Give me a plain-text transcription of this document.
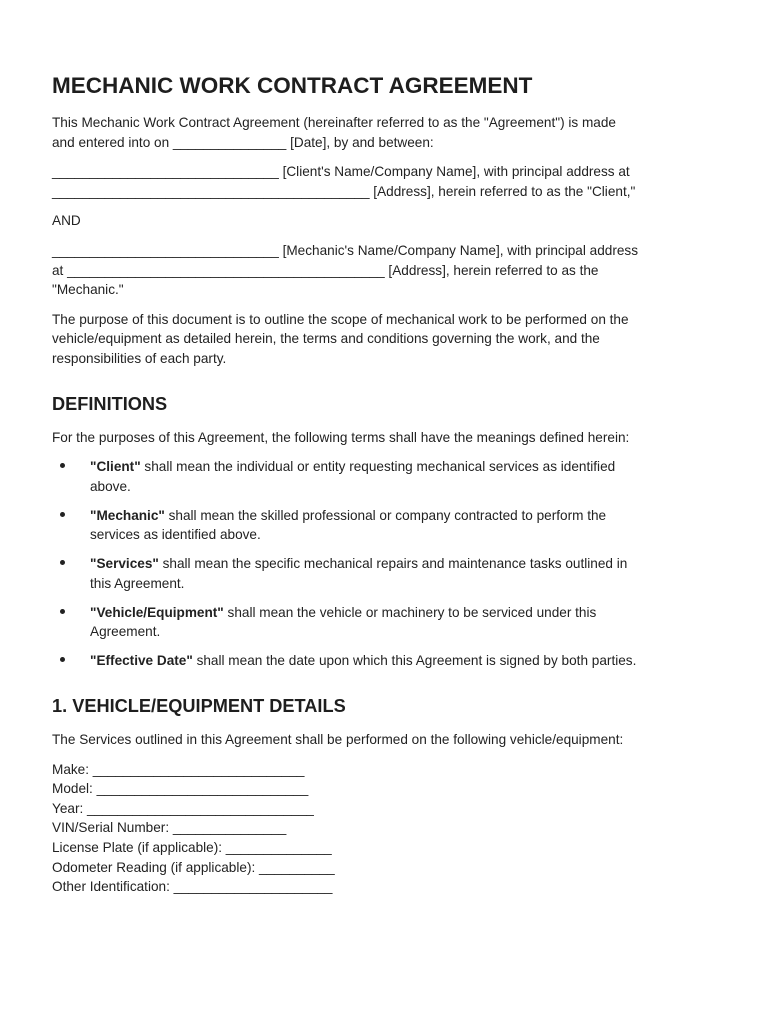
MECHANIC WORK CONTRACT AGREEMENT
This Mechanic Work Contract Agreement (hereinafter referred to as the "Agreement") is made
and entered into on _______________ [Date], by and between:
______________________________ [Client's Name/Company Name], with principal address at
__________________________________________ [Address], herein referred to as the "Client,"

AND

______________________________ [Mechanic's Name/Company Name], with principal address
at __________________________________________ [Address], herein referred to as the
"Mechanic."
The purpose of this document is to outline the scope of mechanical work to be performed on the
vehicle/equipment as detailed herein, the terms and conditions governing the work, and the
responsibilities of each party.
DEFINITIONS

For the purposes of this Agreement, the following terms shall have the meanings defined herein:

"Client" shall mean the individual or entity requesting mechanical services as identified
above.
"Mechanic" shall mean the skilled professional or company contracted to perform the
services as identified above.
"Services" shall mean the specific mechanical repairs and maintenance tasks outlined in
this Agreement.
"Vehicle/Equipment" shall mean the vehicle or machinery to be serviced under this
Agreement.
"Effective Date" shall mean the date upon which this Agreement is signed by both parties.
1. VEHICLE/EQUIPMENT DETAILS

The Services outlined in this Agreement shall be performed on the following vehicle/equipment:

Make: ____________________________
Model: ____________________________
Year: ______________________________
VIN/Serial Number: _______________
License Plate (if applicable): ______________
Odometer Reading (if applicable): __________
Other Identification: _____________________
